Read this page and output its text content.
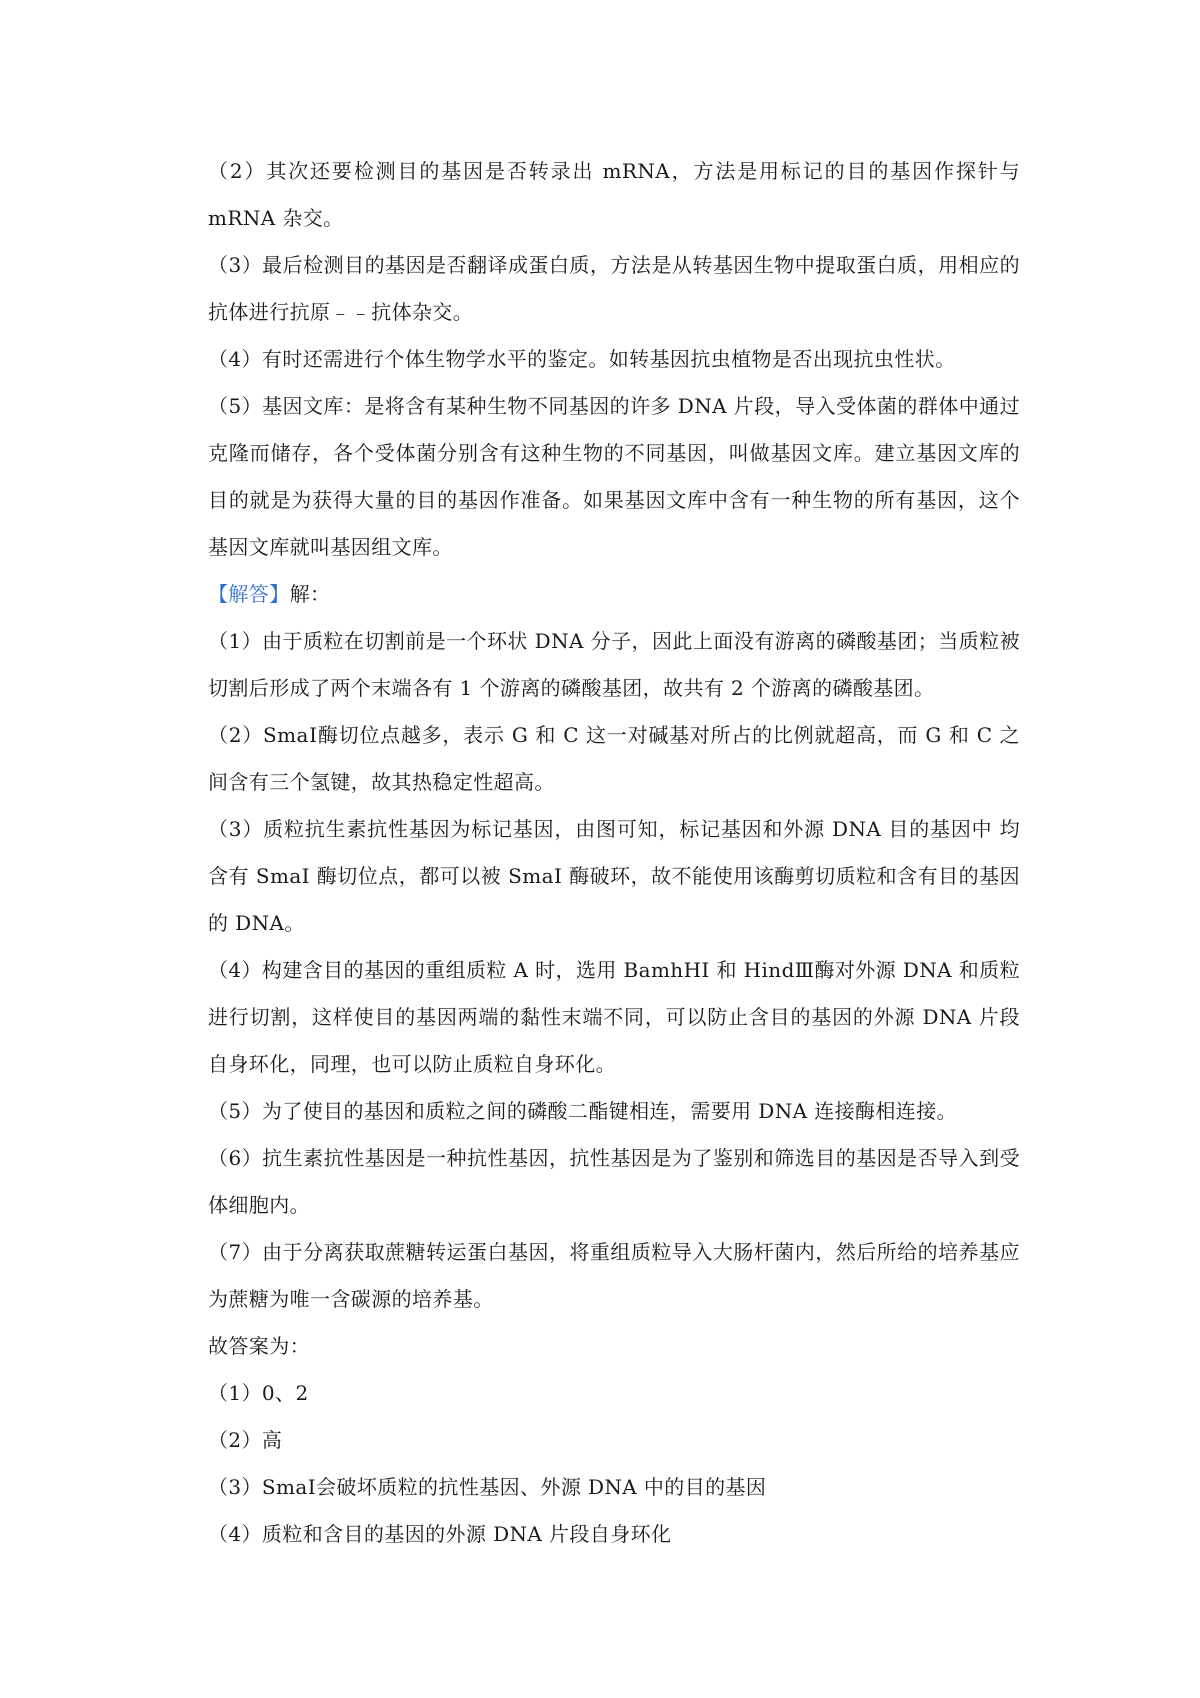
（2）其次还要检测目的基因是否转录出 mRNA，方法是用标记的目的基因作探针与mRNA 杂交。

（3）最后检测目的基因是否翻译成蛋白质，方法是从转基因生物中提取蛋白质，用相应的抗体进行抗原﹣﹣抗体杂交。

（4）有时还需进行个体生物学水平的鉴定。如转基因抗虫植物是否出现抗虫性状。

（5）基因文库：是将含有某种生物不同基因的许多 DNA 片段，导入受体菌的群体中通过克隆而储存，各个受体菌分别含有这种生物的不同基因，叫做基因文库。建立基因文库的目的就是为获得大量的目的基因作准备。如果基因文库中含有一种生物的所有基因，这个基因文库就叫基因组文库。

【解答】解：

（1）由于质粒在切割前是一个环状 DNA 分子，因此上面没有游离的磷酸基团；当质粒被切割后形成了两个末端各有 1 个游离的磷酸基团，故共有 2 个游离的磷酸基团。

（2）SmaⅠ酶切位点越多，表示 G 和 C 这一对碱基对所占的比例就超高，而 G 和 C 之间含有三个氢键，故其热稳定性超高。

（3）质粒抗生素抗性基因为标记基因，由图可知，标记基因和外源 DNA 目的基因中 均含有 SmaI 酶切位点，都可以被 SmaI 酶破环，故不能使用该酶剪切质粒和含有目的基因的 DNA。

（4）构建含目的基因的重组质粒 A 时，选用 BamhHI 和 HindⅢ酶对外源 DNA 和质粒进行切割，这样使目的基因两端的黏性末端不同，可以防止含目的基因的外源 DNA 片段自身环化，同理，也可以防止质粒自身环化。

（5）为了使目的基因和质粒之间的磷酸二酯键相连，需要用 DNA 连接酶相连接。

（6）抗生素抗性基因是一种抗性基因，抗性基因是为了鉴别和筛选目的基因是否导入到受体细胞内。

（7）由于分离获取蔗糖转运蛋白基因，将重组质粒导入大肠杆菌内，然后所给的培养基应为蔗糖为唯一含碳源的培养基。

故答案为：

（1）0、2

（2）高

（3）SmaⅠ会破坏质粒的抗性基因、外源 DNA 中的目的基因

（4）质粒和含目的基因的外源 DNA 片段自身环化
